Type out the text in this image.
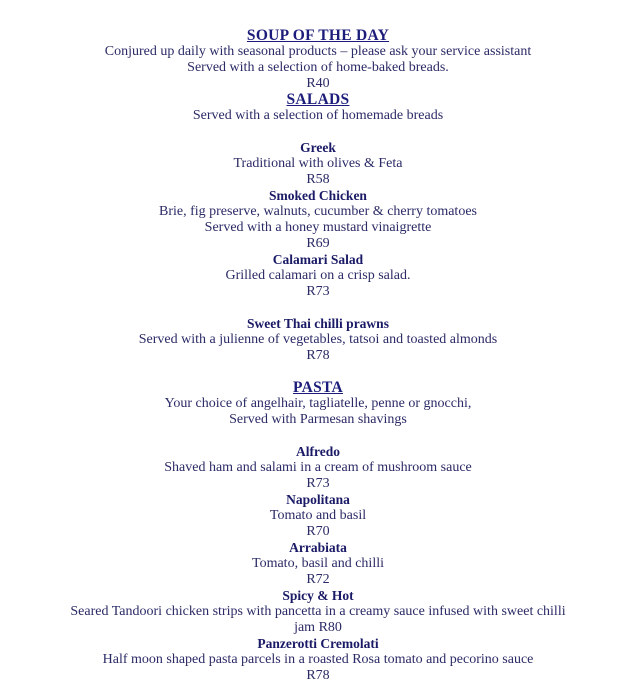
SOUP OF THE DAY
Conjured up daily with seasonal products – please ask your service assistant
Served with a selection of home-baked breads.
R40
SALADS
Served with a selection of homemade breads
Greek
Traditional with olives & Feta
R58
Smoked Chicken
Brie, fig preserve, walnuts, cucumber & cherry tomatoes
Served with a honey mustard vinaigrette
R69
Calamari Salad
Grilled calamari on a crisp salad.
R73
Sweet Thai chilli prawns
Served with a julienne of vegetables, tatsoi and toasted almonds
R78
PASTA
Your choice of angelhair, tagliatelle, penne or gnocchi,
Served with Parmesan shavings
Alfredo
Shaved ham and salami in a cream of mushroom sauce
R73
Napolitana
Tomato and basil
R70
Arrabiata
Tomato, basil and chilli
R72
Spicy & Hot
Seared Tandoori chicken strips with pancetta in a creamy sauce infused with sweet chilli
jam R80
Panzerotti Cremolati
Half moon shaped pasta parcels in a roasted Rosa tomato and pecorino sauce
R78
